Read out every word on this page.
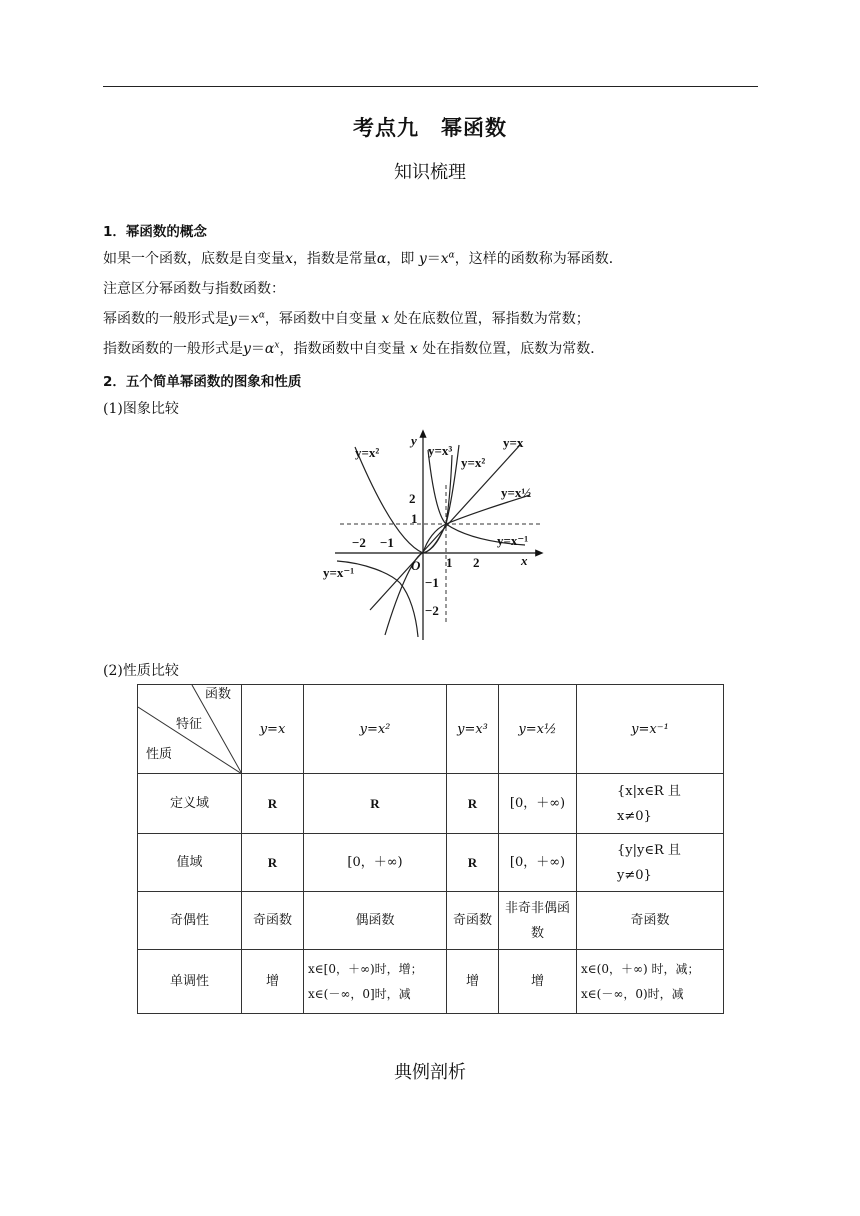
考点九　幂函数
知识梳理
1．幂函数的概念
如果一个函数，底数是自变量x，指数是常量α，即 $y=x^\alpha$，这样的函数称为幂函数．
注意区分幂函数与指数函数：
幂函数的一般形式是$y=x^\alpha$，幂函数中自变量 x 处在底数位置，幂指数为常数；
指数函数的一般形式是$y=\alpha^x$，指数函数中自变量 x 处在指数位置，底数为常数．
2．五个简单幂函数的图象和性质
(1)图象比较
y
x
O
−2 −1
1 2
2
1
−1
−2
y=x²	y=x³
y=x²
y=x
y=x½
y=x⁻¹
y=x⁻¹
(2)性质比较
函数
特征
性质	y=x	y=x²	y=x³	y=x½	y=x⁻¹
定义域	R	R	R	[0，＋∞)	{x|x∈R 且 x≠0}
值域	R	[0，＋∞)	R	[0，＋∞)	{y|y∈R 且 y≠0}
奇偶性	奇函数	偶函数	奇函数	非奇非偶函数	奇函数
单调性	增	x∈[0，＋∞)时，增；x∈(－∞，0]时，减	增	增	x∈(0，＋∞) 时，减；x∈(－∞，0)时，减
典例剖析
